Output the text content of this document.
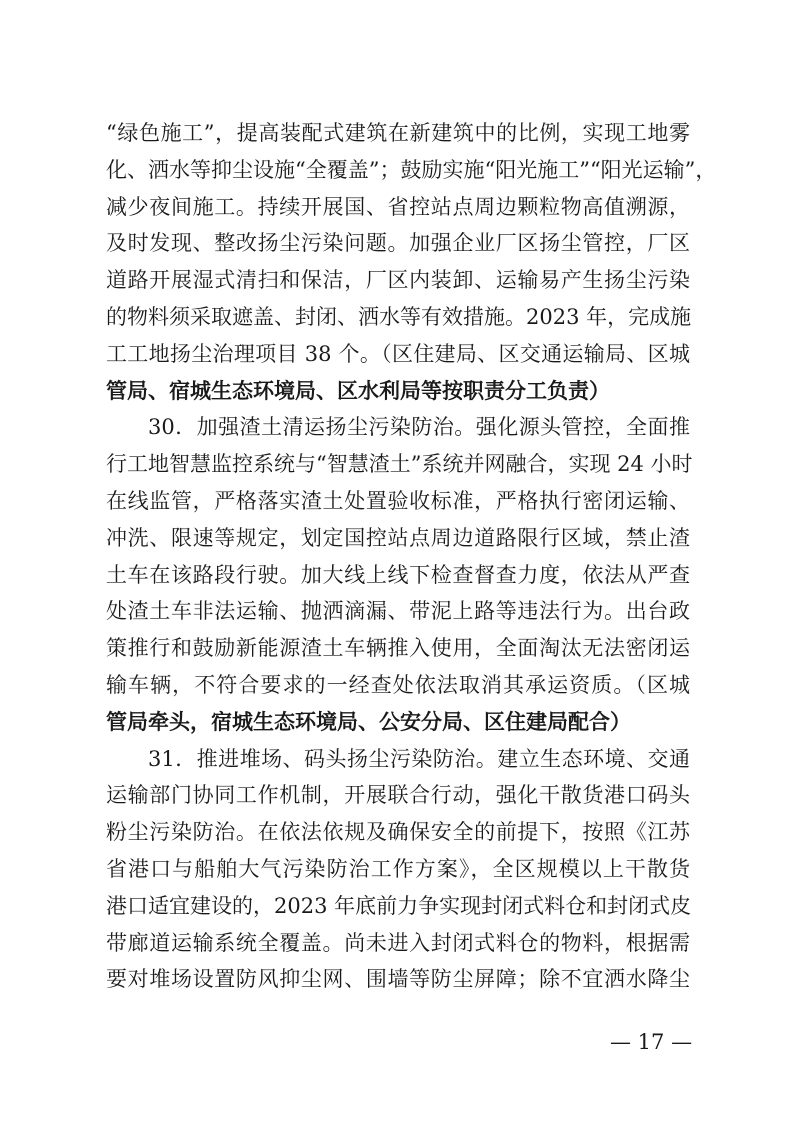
“绿色施工”，提高装配式建筑在新建筑中的比例，实现工地雾
化、洒水等抑尘设施“全覆盖”；鼓励实施“阳光施工”“阳光运输”，
减少夜间施工。持续开展国、省控站点周边颗粒物高值溯源，
及时发现、整改扬尘污染问题。加强企业厂区扬尘管控，厂区
道路开展湿式清扫和保洁，厂区内装卸、运输易产生扬尘污染
的物料须采取遮盖、封闭、洒水等有效措施。2023 年，完成施
工工地扬尘治理项目 38 个。（区住建局、区交通运输局、区城
管局、宿城生态环境局、区水利局等按职责分工负责）
30．加强渣土清运扬尘污染防治。强化源头管控，全面推
行工地智慧监控系统与“智慧渣土”系统并网融合，实现 24 小时
在线监管，严格落实渣土处置验收标准，严格执行密闭运输、
冲洗、限速等规定，划定国控站点周边道路限行区域，禁止渣
土车在该路段行驶。加大线上线下检查督查力度，依法从严查
处渣土车非法运输、抛洒滴漏、带泥上路等违法行为。出台政
策推行和鼓励新能源渣土车辆推入使用，全面淘汰无法密闭运
输车辆，不符合要求的一经查处依法取消其承运资质。（区城
管局牵头，宿城生态环境局、公安分局、区住建局配合）
31．推进堆场、码头扬尘污染防治。建立生态环境、交通
运输部门协同工作机制，开展联合行动，强化干散货港口码头
粉尘污染防治。在依法依规及确保安全的前提下，按照《江苏
省港口与船舶大气污染防治工作方案》，全区规模以上干散货
港口适宜建设的，2023 年底前力争实现封闭式料仓和封闭式皮
带廊道运输系统全覆盖。尚未进入封闭式料仓的物料，根据需
要对堆场设置防风抑尘网、围墙等防尘屏障；除不宜洒水降尘
— 17 —
